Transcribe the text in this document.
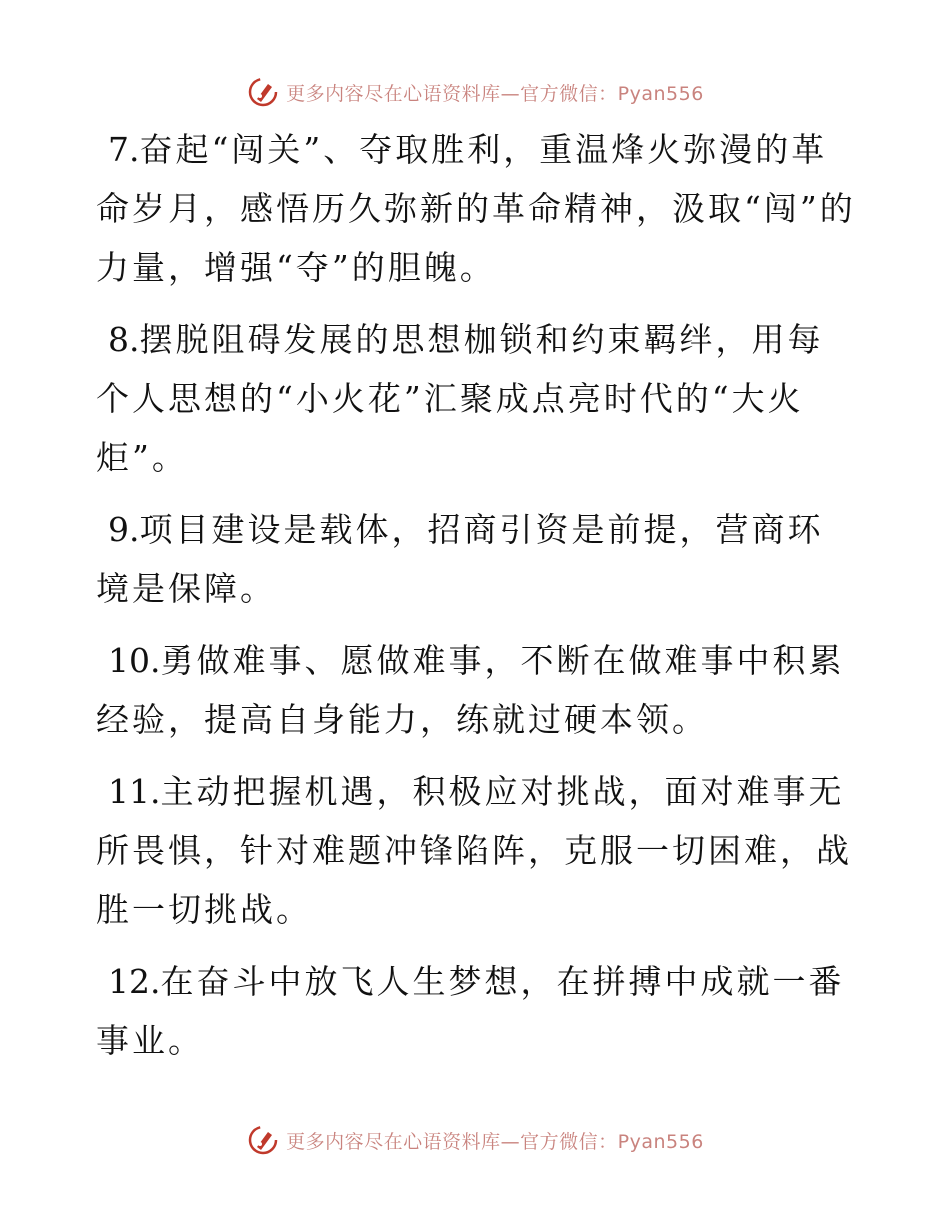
更多内容尽在心语资料库—官方微信：Pyan556

7.奋起“闯关”、夺取胜利，重温烽火弥漫的革命岁月，感悟历久弥新的革命精神，汲取“闯”的力量，增强“夺”的胆魄。

8.摆脱阻碍发展的思想枷锁和约束羁绊，用每个人思想的“小火花”汇聚成点亮时代的“大火炬”。

9.项目建设是载体，招商引资是前提，营商环境是保障。

10.勇做难事、愿做难事，不断在做难事中积累经验，提高自身能力，练就过硬本领。

11.主动把握机遇，积极应对挑战，面对难事无所畏惧，针对难题冲锋陷阵，克服一切困难，战胜一切挑战。

12.在奋斗中放飞人生梦想，在拼搏中成就一番事业。

更多内容尽在心语资料库—官方微信：Pyan556
